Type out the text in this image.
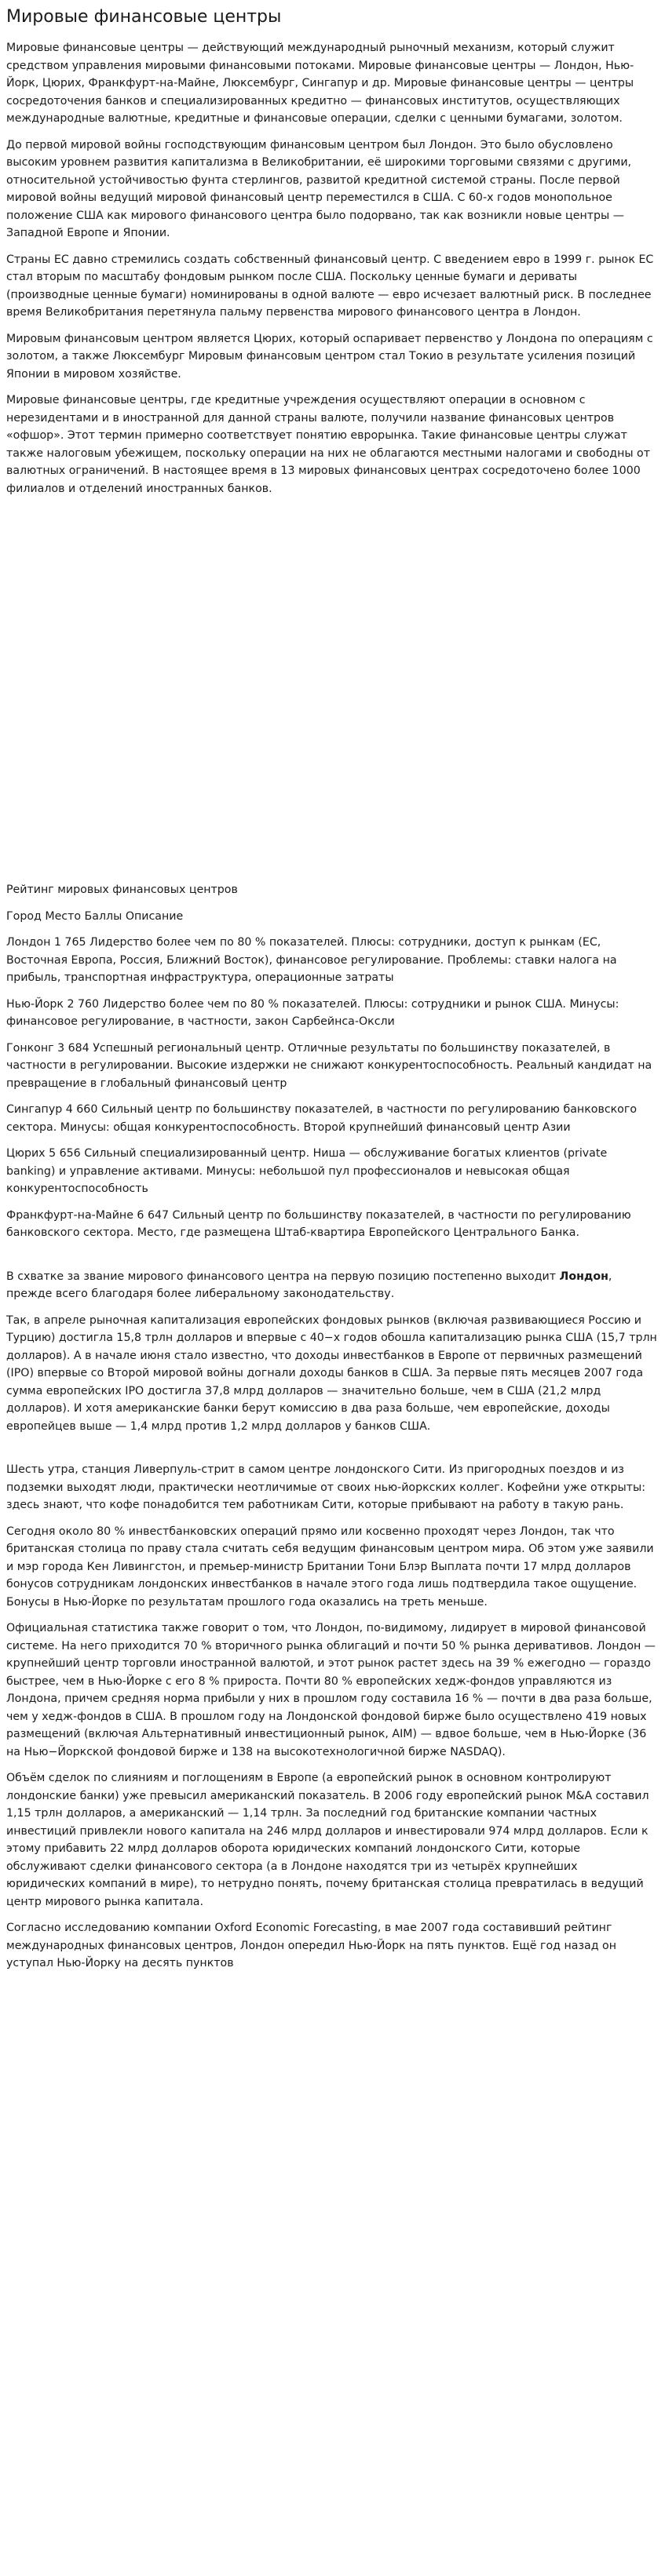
Мировые финансовые центры

Мировые финансовые центры — действующий международный рыночный механизм, который служит средством управления мировыми финансовыми потоками. Мировые финансовые центры — Лондон, Нью-Йорк, Цюрих, Франкфурт-на-Майне, Люксембург, Сингапур и др. Мировые финансовые центры — центры сосредоточения банков и специализированных кредитно — финансовых институтов, осуществляющих международные валютные, кредитные и финансовые операции, сделки с ценными бумагами, золотом.

До первой мировой войны господствующим финансовым центром был Лондон. Это было обусловлено высоким уровнем развития капитализма в Великобритании, её широкими торговыми связями с другими, относительной устойчивостью фунта стерлингов, развитой кредитной системой страны. После первой мировой войны ведущий мировой финансовый центр переместился в США. С 60-х годов монопольное положение США как мирового финансового центра было подорвано, так как возникли новые центры — Западной Европе и Японии.

Страны ЕС давно стремились создать собственный финансовый центр. С введением евро в 1999 г. рынок ЕС стал вторым по масштабу фондовым рынком после США. Поскольку ценные бумаги и дериваты (производные ценные бумаги) номинированы в одной валюте — евро исчезает валютный риск. В последнее время Великобритания перетянула пальму первенства мирового финансового центра в Лондон.

Мировым финансовым центром является Цюрих, который оспаривает первенство у Лондона по операциям с золотом, а также Люксембург Мировым финансовым центром стал Токио в результате усиления позиций Японии в мировом хозяйстве.

Мировые финансовые центры, где кредитные учреждения осуществляют операции в основном с нерезидентами и в иностранной для данной страны валюте, получили название финансовых центров «офшор». Этот термин примерно соответствует понятию еврорынка. Такие финансовые центры служат также налоговым убежищем, поскольку операции на них не облагаются местными налогами и свободны от валютных ограничений. В настоящее время в 13 мировых финансовых центрах сосредоточено более 1000 филиалов и отделений иностранных банков.

Рейтинг мировых финансовых центров

Город Место Баллы Описание

Лондон 1 765 Лидерство более чем по 80 % показателей. Плюсы: сотрудники, доступ к рынкам (ЕС, Восточная Европа, Россия, Ближний Восток), финансовое регулирование. Проблемы: ставки налога на прибыль, транспортная инфраструктура, операционные затраты

Нью-Йорк 2 760 Лидерство более чем по 80 % показателей. Плюсы: сотрудники и рынок США. Минусы: финансовое регулирование, в частности, закон Сарбейнса-Оксли

Гонконг 3 684 Успешный региональный центр. Отличные результаты по большинству показателей, в частности в регулировании. Высокие издержки не снижают конкурентоспособность. Реальный кандидат на превращение в глобальный финансовый центр

Сингапур 4 660 Сильный центр по большинству показателей, в частности по регулированию банковского сектора. Минусы: общая конкурентоспособность. Второй крупнейший финансовый центр Азии

Цюрих 5 656 Сильный специализированный центр. Ниша — обслуживание богатых клиентов (private banking) и управление активами. Минусы: небольшой пул профессионалов и невысокая общая конкурентоспособность

Франкфурт-на-Майне 6 647 Сильный центр по большинству показателей, в частности по регулированию банковского сектора. Место, где размещена Штаб-квартира Европейского Центрального Банка.

В схватке за звание мирового финансового центра на первую позицию постепенно выходит Лондон, прежде всего благодаря более либеральному законодательству.

Так, в апреле рыночная капитализация европейских фондовых рынков (включая развивающиеся Россию и Турцию) достигла 15,8 трлн долларов и впервые с 40−х годов обошла капитализацию рынка США (15,7 трлн долларов). А в начале июня стало известно, что доходы инвестбанков в Европе от первичных размещений (IPO) впервые со Второй мировой войны догнали доходы банков в США. За первые пять месяцев 2007 года сумма европейских IPO достигла 37,8 млрд долларов — значительно больше, чем в США (21,2 млрд долларов). И хотя американские банки берут комиссию в два раза больше, чем европейские, доходы европейцев выше — 1,4 млрд против 1,2 млрд долларов у банков США.

Шесть утра, станция Ливерпуль-стрит в самом центре лондонского Сити. Из пригородных поездов и из подземки выходят люди, практически неотличимые от своих нью-йоркских коллег. Кофейни уже открыты: здесь знают, что кофе понадобится тем работникам Сити, которые прибывают на работу в такую рань.

Сегодня около 80 % инвестбанковских операций прямо или косвенно проходят через Лондон, так что британская столица по праву стала считать себя ведущим финансовым центром мира. Об этом уже заявили и мэр города Кен Ливингстон, и премьер-министр Британии Тони Блэр Выплата почти 17 млрд долларов бонусов сотрудникам лондонских инвестбанков в начале этого года лишь подтвердила такое ощущение. Бонусы в Нью-Йорке по результатам прошлого года оказались на треть меньше.

Официальная статистика также говорит о том, что Лондон, по-видимому, лидирует в мировой финансовой системе. На него приходится 70 % вторичного рынка облигаций и почти 50 % рынка деривативов. Лондон — крупнейший центр торговли иностранной валютой, и этот рынок растет здесь на 39 % ежегодно — гораздо быстрее, чем в Нью-Йорке с его 8 % прироста. Почти 80 % европейских хедж-фондов управляются из Лондона, причем средняя норма прибыли у них в прошлом году составила 16 % — почти в два раза больше, чем у хедж-фондов в США. В прошлом году на Лондонской фондовой бирже было осуществлено 419 новых размещений (включая Альтернативный инвестиционный рынок, AIM) — вдвое больше, чем в Нью-Йорке (36 на Нью−Йоркской фондовой бирже и 138 на высокотехнологичной бирже NASDAQ).

Объём сделок по слияниям и поглощениям в Европе (а европейский рынок в основном контролируют лондонские банки) уже превысил американский показатель. В 2006 году европейский рынок M&A составил 1,15 трлн долларов, а американский — 1,14 трлн. За последний год британские компании частных инвестиций привлекли нового капитала на 246 млрд долларов и инвестировали 974 млрд долларов. Если к этому прибавить 22 млрд долларов оборота юридических компаний лондонского Сити, которые обслуживают сделки финансового сектора (а в Лондоне находятся три из четырёх крупнейших юридических компаний в мире), то нетрудно понять, почему британская столица превратилась в ведущий центр мирового рынка капитала.

Согласно исследованию компании Oxford Economic Forecasting, в мае 2007 года составивший рейтинг международных финансовых центров, Лондон опередил Нью-Йорк на пять пунктов. Ещё год назад он уступал Нью-Йорку на десять пунктов
